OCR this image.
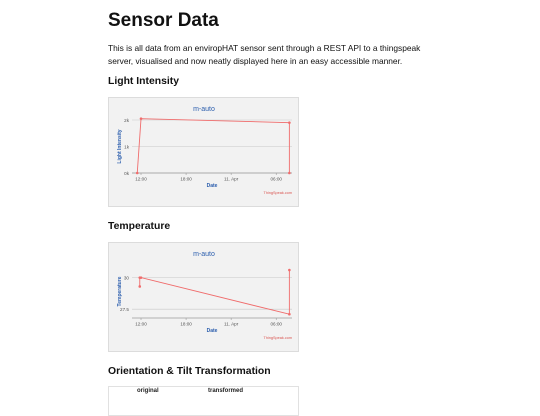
Sensor Data

This is all data from an enviropHAT sensor sent through a REST API to a thingspeak server, visualised and now neatly displayed here in an easy accessible manner.

Light Intensity
m-auto
0k
1k
2k
12:00	18:00	11. Apr	06:00
Date
Light Intensity
ThingSpeak.com
Temperature
m-auto
27.5
30
12:00	18:00	11. Apr	06:00
Date
Temperature
ThingSpeak.com
Orientation & Tilt Transformation
original	transformed
